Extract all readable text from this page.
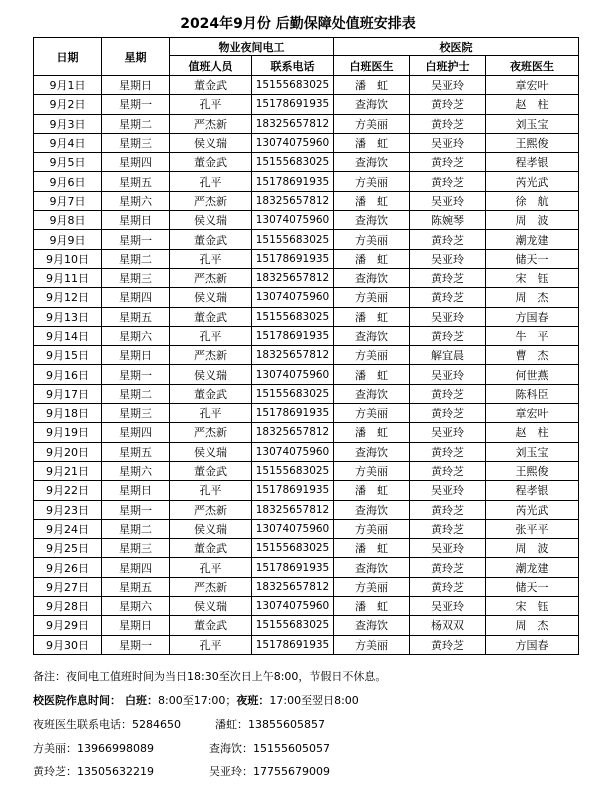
2024年9月份 后勤保障处值班安排表
日期	星期	物业夜间电工		校医院		
		值班人员	联系电话	白班医生	白班护士	夜班医生
9月1日	星期日	董金武	15155683025	潘　虹	吴亚玲	章宏叶
9月2日	星期一	孔平	15178691935	查海饮	黄玲芝	赵　柱
9月3日	星期二	严杰新	18325657812	方美丽	黄玲芝	刘玉宝
9月4日	星期三	侯义瑞	13074075960	潘　虹	吴亚玲	王熙俊
9月5日	星期四	董金武	15155683025	查海饮	黄玲芝	程孝银
9月6日	星期五	孔平	15178691935	方美丽	黄玲芝	芮光武
9月7日	星期六	严杰新	18325657812	潘　虹	吴亚玲	徐　航
9月8日	星期日	侯义瑞	13074075960	查海饮	陈婉琴	周　波
9月9日	星期一	董金武	15155683025	方美丽	黄玲芝	潮龙建
9月10日	星期二	孔平	15178691935	潘　虹	吴亚玲	储天一
9月11日	星期三	严杰新	18325657812	查海饮	黄玲芝	宋　钰
9月12日	星期四	侯义瑞	13074075960	方美丽	黄玲芝	周　杰
9月13日	星期五	董金武	15155683025	潘　虹	吴亚玲	方国春
9月14日	星期六	孔平	15178691935	查海饮	黄玲芝	牛　平
9月15日	星期日	严杰新	18325657812	方美丽	解宜晨	曹　杰
9月16日	星期一	侯义瑞	13074075960	潘　虹	吴亚玲	何世燕
9月17日	星期二	董金武	15155683025	查海饮	黄玲芝	陈科臣
9月18日	星期三	孔平	15178691935	方美丽	黄玲芝	章宏叶
9月19日	星期四	严杰新	18325657812	潘　虹	吴亚玲	赵　柱
9月20日	星期五	侯义瑞	13074075960	查海饮	黄玲芝	刘玉宝
9月21日	星期六	董金武	15155683025	方美丽	黄玲芝	王熙俊
9月22日	星期日	孔平	15178691935	潘　虹	吴亚玲	程孝银
9月23日	星期一	严杰新	18325657812	查海饮	黄玲芝	芮光武
9月24日	星期二	侯义瑞	13074075960	方美丽	黄玲芝	张平平
9月25日	星期三	董金武	15155683025	潘　虹	吴亚玲	周　波
9月26日	星期四	孔平	15178691935	查海饮	黄玲芝	潮龙建
9月27日	星期五	严杰新	18325657812	方美丽	黄玲芝	储天一
9月28日	星期六	侯义瑞	13074075960	潘　虹	吴亚玲	宋　钰
9月29日	星期日	董金武	15155683025	查海饮	杨双双	周　杰
9月30日	星期一	孔平	15178691935	方美丽	黄玲芝	方国春
备注：夜间电工值班时间为当日18:30至次日上午8:00，节假日不休息。
校医院作息时间： 白班：8:00至17:00；夜班：17:00至翌日8:00
夜班医生联系电话：5284650	潘虹：13855605857
方美丽：13966998089	查海饮：15155605057
黄玲芝：13505632219	吴亚玲：17755679009
